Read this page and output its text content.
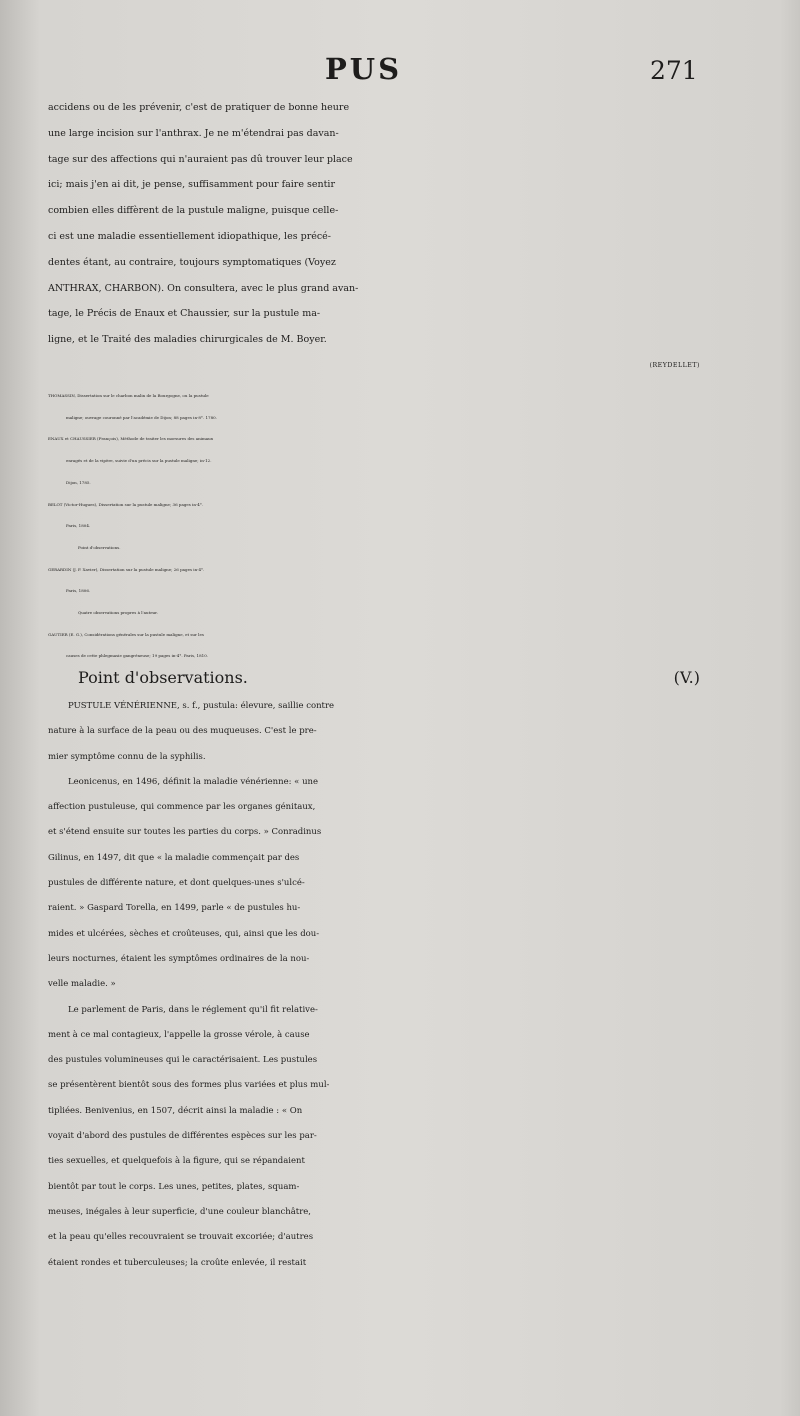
PUS	271

accidens ou de les prévenir, c'est de pratiquer de bonne heure

une large incision sur l'anthrax. Je ne m'étendrai pas davan-

tage sur des affections qui n'auraient pas dû trouver leur place

ici; mais j'en ai dit, je pense, suffisamment pour faire sentir

combien elles diffèrent de la pustule maligne, puisque celle-

ci est une maladie essentiellement idiopathique, les précé-

dentes étant, au contraire, toujours symptomatiques (Voyez

ANTHRAX, CHARBON). On consultera, avec le plus grand avan-

tage, le Précis de Enaux et Chaussier, sur la pustule ma-

ligne, et le Traité des maladies chirurgicales de M. Boyer.

(REYDELLET)

THOMASSIN, Dissertation sur le charbon malin de la Bourgogne, ou la pustule

maligne; ouvrage couronné par l'académie de Dijon; 88 pages in-8°. 1780.

ENAUX et CHAUSSIER (François), Méthode de traiter les morsures des animaux

enragés et de la vipère, suivie d'un précis sur la pustule maligne; in-12.

Dijon, 1785.

BELOT (Victor-Hugues), Dissertation sur la pustule maligne; 36 pages in-4°.

Paris, 1804.

Point d'observations.

GERARDIN (J. F. Xavier), Dissertation sur la pustule maligne; 26 pages in-4°.

Paris, 1806.

Quatre observations propres à l'auteur.

GAUTIER (E. G.), Considérations générales sur la pustule maligne, et sur les

causes de cette phlegmasie gangréneuse; 19 pages in-4°. Paris, 1810.

Point d'observations.	(V.)

PUSTULE VÉNÉRIENNE, s. f., pustula: élevure, saillie contre

nature à la surface de la peau ou des muqueuses. C'est le pre-

mier symptôme connu de la syphilis.

Leonicenus, en 1496, définit la maladie vénérienne: « une

affection pustuleuse, qui commence par les organes génitaux,

et s'étend ensuite sur toutes les parties du corps. » Conradinus

Gilinus, en 1497, dit que « la maladie commençait par des

pustules de différente nature, et dont quelques-unes s'ulcé-

raient. » Gaspard Torella, en 1499, parle « de pustules hu-

mides et ulcérées, sèches et croûteuses, qui, ainsi que les dou-

leurs nocturnes, étaient les symptômes ordinaires de la nou-

velle maladie. »

Le parlement de Paris, dans le réglement qu'il fit relative-

ment à ce mal contagieux, l'appelle la grosse vérole, à cause

des pustules volumineuses qui le caractérisaient. Les pustules

se présentèrent bientôt sous des formes plus variées et plus mul-

tipliées. Benivenius, en 1507, décrit ainsi la maladie : « On

voyait d'abord des pustules de différentes espèces sur les par-

ties sexuelles, et quelquefois à la figure, qui se répandaient

bientôt par tout le corps. Les unes, petites, plates, squam-

meuses, inégales à leur superficie, d'une couleur blanchâtre,

et la peau qu'elles recouvraient se trouvait excoriée; d'autres

étaient rondes et tuberculeuses; la croûte enlevée, il restait
